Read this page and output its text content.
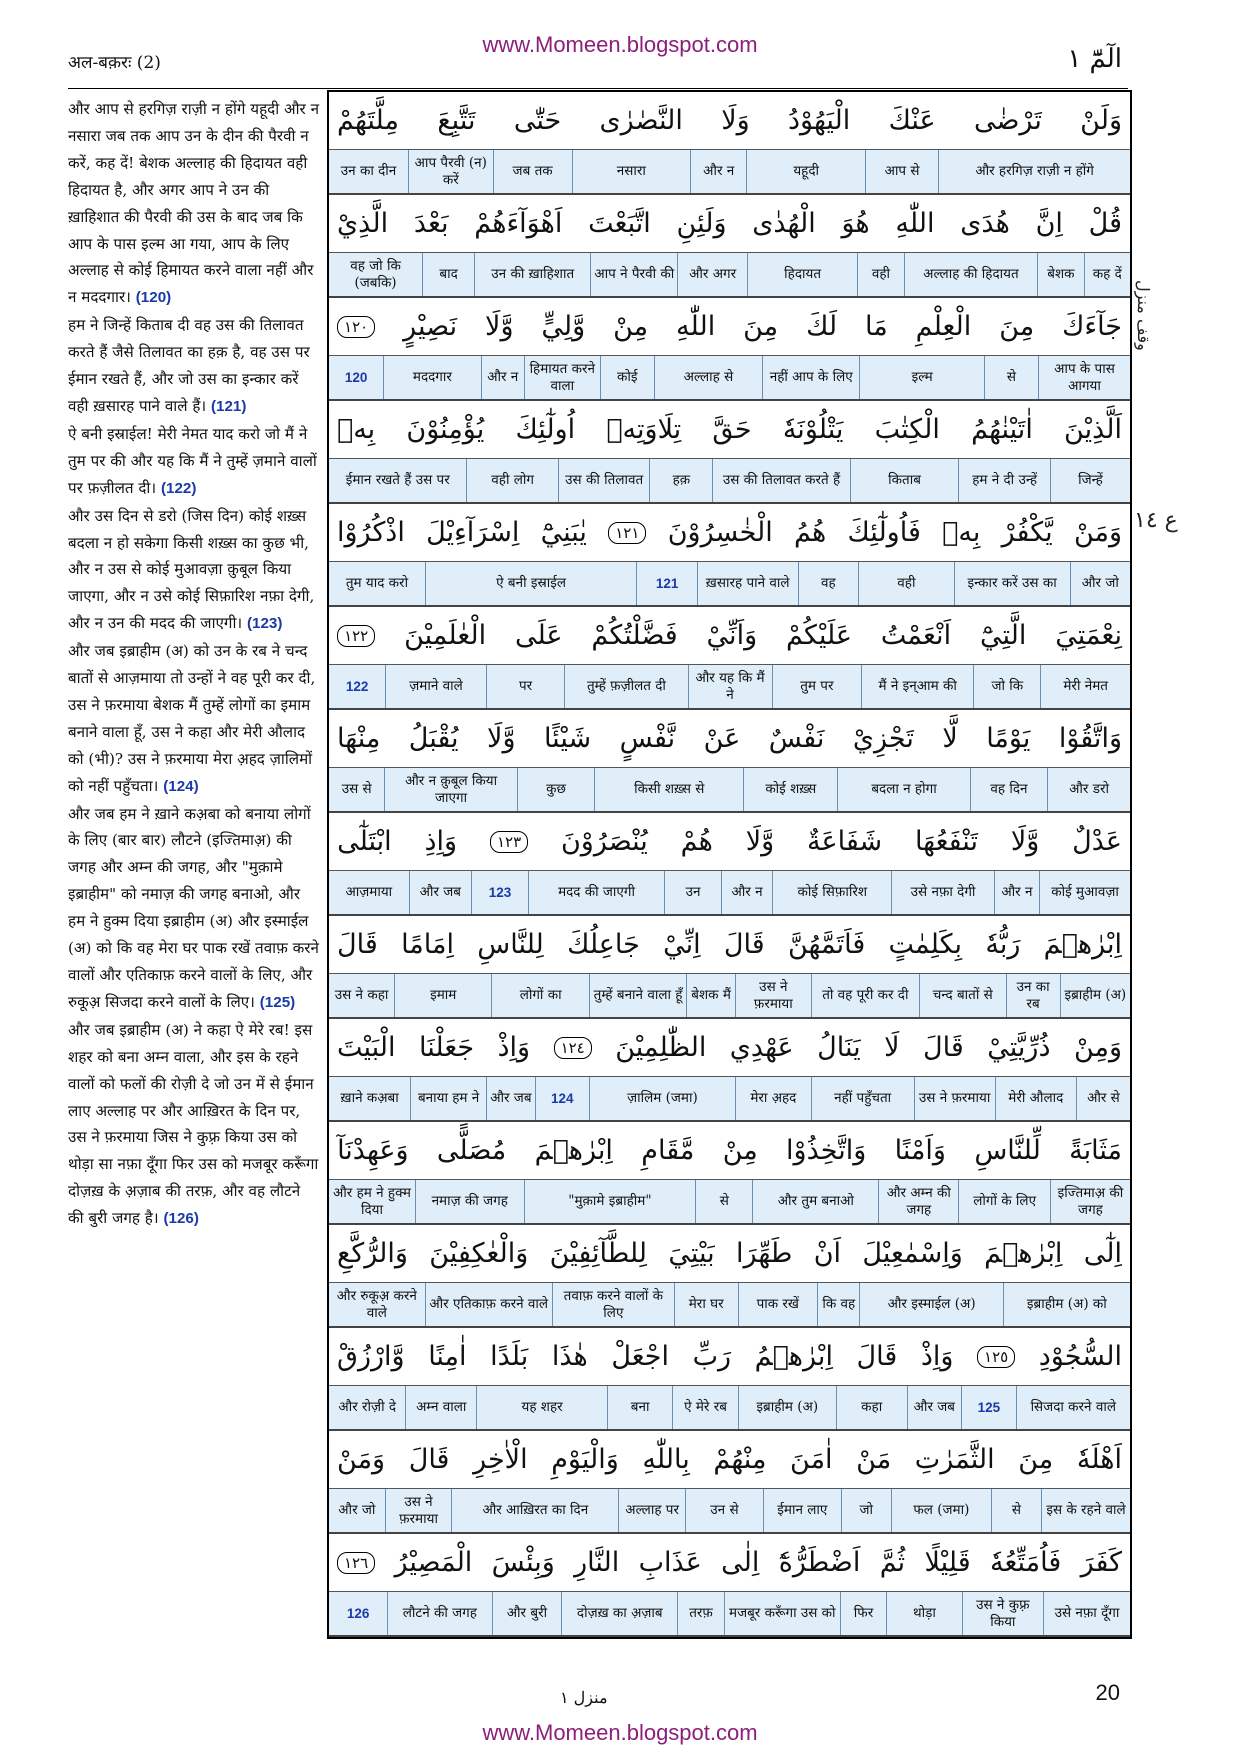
www.Momeen.blogspot.com
अल-बक़रः (2)	الٓمّٓ ١
وقف منزل
ع ١٤
और आप से हरगिज़ राज़ी न होंगे यहूदी और न नसारा जब तक आप उन के दीन की पैरवी न करें, कह दें! बेशक अल्लाह की हिदायत वही हिदायत है, और अगर आप ने उन की ख़ाहिशात की पैरवी की उस के बाद जब कि आप के पास इल्म आ गया, आप के लिए अल्लाह से कोई हिमायत करने वाला नहीं और न मददगार। (120)
हम ने जिन्हें किताब दी वह उस की तिलावत करते हैं जैसे तिलावत का हक़ है, वह उस पर ईमान रखते हैं, और जो उस का इन्कार करें वही ख़सारह पाने वाले हैं। (121)
ऐ बनी इस्राईल! मेरी नेमत याद करो जो मैं ने तुम पर की और यह कि मैं ने तुम्हें ज़माने वालों पर फ़ज़ीलत दी। (122)
और उस दिन से डरो (जिस दिन) कोई शख़्स बदला न हो सकेगा किसी शख़्स का कुछ भी, और न उस से कोई मुआवज़ा क़ुबूल किया जाएगा, और न उसे कोई सिफ़ारिश नफ़ा देगी, और न उन की मदद की जाएगी। (123)
और जब इब्राहीम (अ) को उन के रब ने चन्द बातों से आज़माया तो उन्हों ने वह पूरी कर दी, उस ने फ़रमाया बेशक मैं तुम्हें लोगों का इमाम बनाने वाला हूँ, उस ने कहा और मेरी औलाद को (भी)? उस ने फ़रमाया मेरा अ़हद ज़ालिमों को नहीं पहुँचता। (124)
और जब हम ने ख़ाने कअ़बा को बनाया लोगों के लिए (बार बार) लौटने (इज्तिमाअ़) की जगह और अम्न की जगह, और "मुक़ामे इब्राहीम" को नमाज़ की जगह बनाओ, और हम ने हुक्म दिया इब्राहीम (अ) और इस्माईल (अ) को कि वह मेरा घर पाक रखें तवाफ़ करने वालों और एतिकाफ़ करने वालों के लिए, और रुकूअ़ सिजदा करने वालों के लिए। (125)
और जब इब्राहीम (अ) ने कहा ऐ मेरे रब! इस शहर को बना अम्न वाला, और इस के रहने वालों को फलों की रोज़ी दे जो उन में से ईमान लाए अल्लाह पर और आख़िरत के दिन पर, उस ने फ़रमाया जिस ने कुफ़्र किया उस को थोड़ा सा नफ़ा दूँगा फिर उस को मजबूर करूँगा दोज़ख़ के अ़ज़ाब की तरफ़, और वह लौटने की बुरी जगह है। (126)

وَلَنْ
تَرْضٰى
عَنْكَ
الْيَهُوْدُ
وَلَا
النَّصٰرٰى
حَتّٰى
تَتَّبِعَ
مِلَّتَهُمْ
और हरगिज़ राज़ी न होंगे
आप से
यहूदी
और न
नसारा
जब तक
आप पैरवी (न) करें
उन का दीन
قُلْ
اِنَّ
هُدَى
اللّٰهِ
هُوَ
الْهُدٰى
وَلَئِنِ
اتَّبَعْتَ
اَهْوَآءَهُمْ
بَعْدَ
الَّذِيْ
कह दें
बेशक
अल्लाह की हिदायत
वही
हिदायत
और अगर
आप ने पैरवी की
उन की ख़ाहिशात
बाद
वह जो कि (जबकि)
جَآءَكَ
مِنَ
الْعِلْمِ
مَا
لَكَ
مِنَ
اللّٰهِ
مِنْ
وَّلِيٍّ
وَّلَا
نَصِيْرٍ
١٢٠
आप के पास आगया
से
इल्म
नहीं आप के लिए
अल्लाह से
कोई
हिमायत करने वाला
और न
मददगार
120
اَلَّذِيْنَ
اٰتَيْنٰهُمُ
الْكِتٰبَ
يَتْلُوْنَهٗ
حَقَّ
تِلَاوَتِهٖ
اُولٰٓئِكَ
يُؤْمِنُوْنَ
بِهٖ
जिन्हें
हम ने दी उन्हें
किताब
उस की तिलावत करते हैं
हक़
उस की तिलावत
वही लोग
ईमान रखते हैं उस पर
وَمَنْ
يَّكْفُرْ
بِهٖ
فَاُولٰٓئِكَ
هُمُ
الْخٰسِرُوْنَ
١٢١
يٰبَنِيْٓ
اِسْرَآءِيْلَ
اذْكُرُوْا
और जो
इन्कार करें उस का
वही
वह
ख़सारह पाने वाले
121
ऐ बनी इस्राईल
तुम याद करो
نِعْمَتِيَ
الَّتِيْٓ
اَنْعَمْتُ
عَلَيْكُمْ
وَاَنِّيْ
فَضَّلْتُكُمْ
عَلَى
الْعٰلَمِيْنَ
١٢٢
मेरी नेमत
जो कि
मैं ने इन्आम की
तुम पर
और यह कि मैं ने
तुम्हें फ़ज़ीलत दी
पर
ज़माने वाले
122
وَاتَّقُوْا
يَوْمًا
لَّا
تَجْزِيْ
نَفْسٌ
عَنْ
نَّفْسٍ
شَيْئًا
وَّلَا
يُقْبَلُ
مِنْهَا
और डरो
वह दिन
बदला न होगा
कोई शख़्स
किसी शख़्स से
कुछ
और न क़ुबूल किया जाएगा
उस से
عَدْلٌ
وَّلَا
تَنْفَعُهَا
شَفَاعَةٌ
وَّلَا
هُمْ
يُنْصَرُوْنَ
١٢٣
وَاِذِ
ابْتَلٰٓى
कोई मुआवज़ा
और न
उसे नफ़ा देगी
कोई सिफ़ारिश
और न
उन
मदद की जाएगी
123
और जब
आज़माया
اِبْرٰهٖمَ
رَبُّهٗ
بِكَلِمٰتٍ
فَاَتَمَّهُنَّ
قَالَ
اِنِّيْ
جَاعِلُكَ
لِلنَّاسِ
اِمَامًا
قَالَ
इब्राहीम (अ)
उन का रब
चन्द बातों से
तो वह पूरी कर दी
उस ने फ़रमाया
बेशक मैं
तुम्हें बनाने वाला हूँ
लोगों का
इमाम
उस ने कहा
وَمِنْ
ذُرِّيَّتِيْ
قَالَ
لَا
يَنَالُ
عَهْدِي
الظّٰلِمِيْنَ
١٢٤
وَاِذْ
جَعَلْنَا
الْبَيْتَ
और से
मेरी औलाद
उस ने फ़रमाया
नहीं पहुँचता
मेरा अ़हद
ज़ालिम (जमा)
124
और जब
बनाया हम ने
ख़ाने कअ़बा
مَثَابَةً
لِّلنَّاسِ
وَاَمْنًا
وَاتَّخِذُوْا
مِنْ
مَّقَامِ
اِبْرٰهٖمَ
مُصَلًّى
وَعَهِدْنَآ
इज्तिमाअ़ की जगह
लोगों के लिए
और अम्न की जगह
और तुम बनाओ
से
"मुक़ामे इब्राहीम"
नमाज़ की जगह
और हम ने हुक्म दिया
اِلٰٓى
اِبْرٰهٖمَ
وَاِسْمٰعِيْلَ
اَنْ
طَهِّرَا
بَيْتِيَ
لِلطَّآئِفِيْنَ
وَالْعٰكِفِيْنَ
وَالرُّكَّعِ
इब्राहीम (अ) को
और इस्माईल (अ)
कि वह
पाक रखें
मेरा घर
तवाफ़ करने वालों के लिए
और एतिकाफ़ करने वाले
और रुकूअ़ करने वाले
السُّجُوْدِ
١٢٥
وَاِذْ
قَالَ
اِبْرٰهٖمُ
رَبِّ
اجْعَلْ
هٰذَا
بَلَدًا
اٰمِنًا
وَّارْزُقْ
सिजदा करने वाले
125
और जब
कहा
इब्राहीम (अ)
ऐ मेरे रब
बना
यह शहर
अम्न वाला
और रोज़ी दे
اَهْلَهٗ
مِنَ
الثَّمَرٰتِ
مَنْ
اٰمَنَ
مِنْهُمْ
بِاللّٰهِ
وَالْيَوْمِ
الْاٰخِرِ
قَالَ
وَمَنْ
इस के रहने वाले
से
फल (जमा)
जो
ईमान लाए
उन से
अल्लाह पर
और आख़िरत का दिन
उस ने फ़रमाया
और जो
كَفَرَ
فَاُمَتِّعُهٗ
قَلِيْلًا
ثُمَّ
اَضْطَرُّهٗٓ
اِلٰى
عَذَابِ
النَّارِ
وَبِئْسَ
الْمَصِيْرُ
١٢٦
उसे नफ़ा दूँगा
उस ने कुफ़्र किया
थोड़ा
फिर
मजबूर करूँगा उस को
तरफ़
दोज़ख़ का अ़ज़ाब
और बुरी
लौटने की जगह
126
منزل ١	20
www.Momeen.blogspot.com
